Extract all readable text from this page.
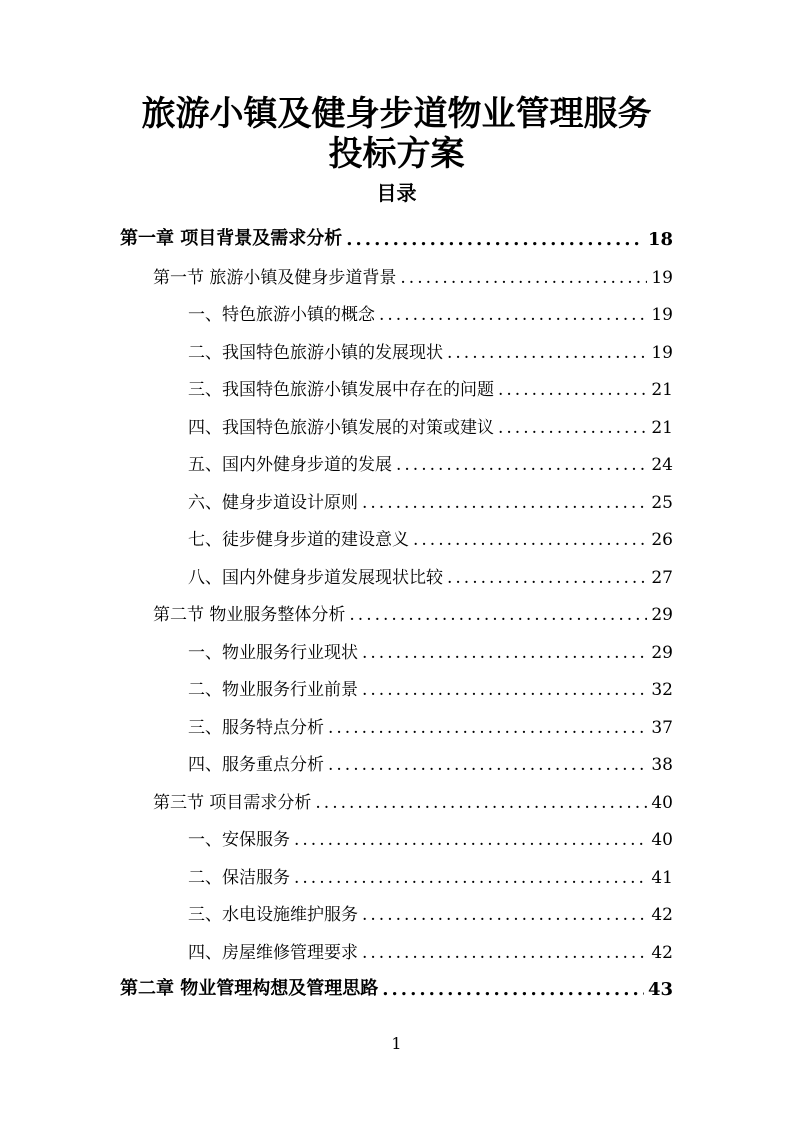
旅游小镇及健身步道物业管理服务
投标方案
目录
第一章 项目背景及需求分析 .....	18
第一节 旅游小镇及健身步道背景 .....	19
一、特色旅游小镇的概念 .....	19
二、我国特色旅游小镇的发展现状 .....	19
三、我国特色旅游小镇发展中存在的问题 .....	21
四、我国特色旅游小镇发展的对策或建议 .....	21
五、国内外健身步道的发展 .....	24
六、健身步道设计原则 .....	25
七、徒步健身步道的建设意义 .....	26
八、国内外健身步道发展现状比较 .....	27
第二节 物业服务整体分析 .....	29
一、物业服务行业现状 .....	29
二、物业服务行业前景 .....	32
三、服务特点分析 .....	37
四、服务重点分析 .....	38
第三节 项目需求分析 .....	40
一、安保服务 .....	40
二、保洁服务 .....	41
三、水电设施维护服务 .....	42
四、房屋维修管理要求 .....	42
第二章 物业管理构想及管理思路 .....	43
1
